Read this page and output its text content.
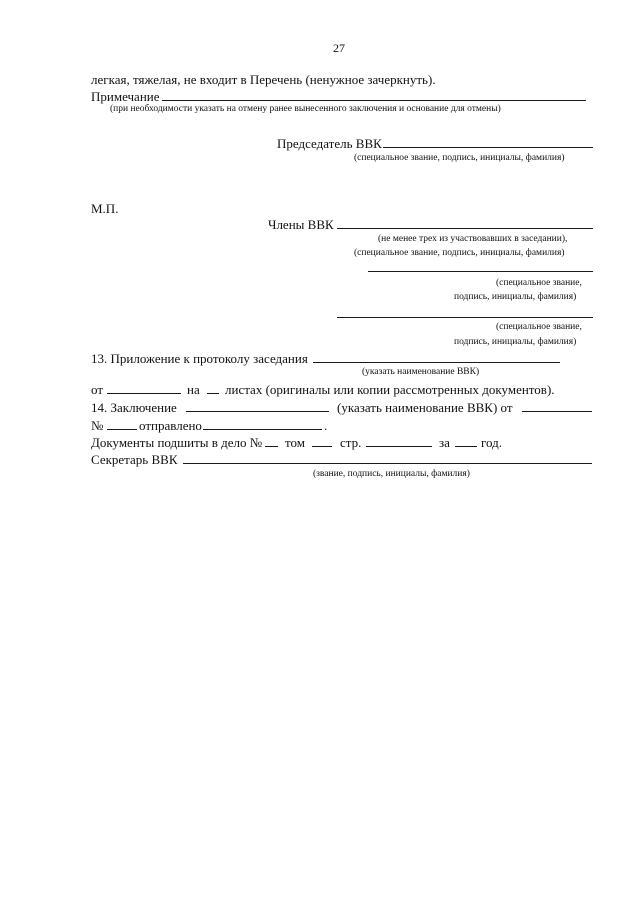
27
легкая, тяжелая, не входит в Перечень (ненужное зачеркнуть).
Примечание
(при необходимости указать на отмену ранее вынесенного заключения и основание для отмены)
Председатель ВВК
(специальное звание, подпись, инициалы, фамилия)
М.П.
Члены ВВК
(не менее трех из участвовавших в заседании),
(специальное звание, подпись, инициалы, фамилия)
(специальное звание,
подпись, инициалы, фамилия)
(специальное звание,
подпись, инициалы, фамилия)
13. Приложение к протоколу заседания
(указать наименование ВВК)
от	на листах (оригиналы или копии рассмотренных документов).
14. Заключение	(указать наименование ВВК) от
№	отправлено	.
Документы подшиты в дело № том	стр.	за год.
Секретарь ВВК
(звание, подпись, инициалы, фамилия)
